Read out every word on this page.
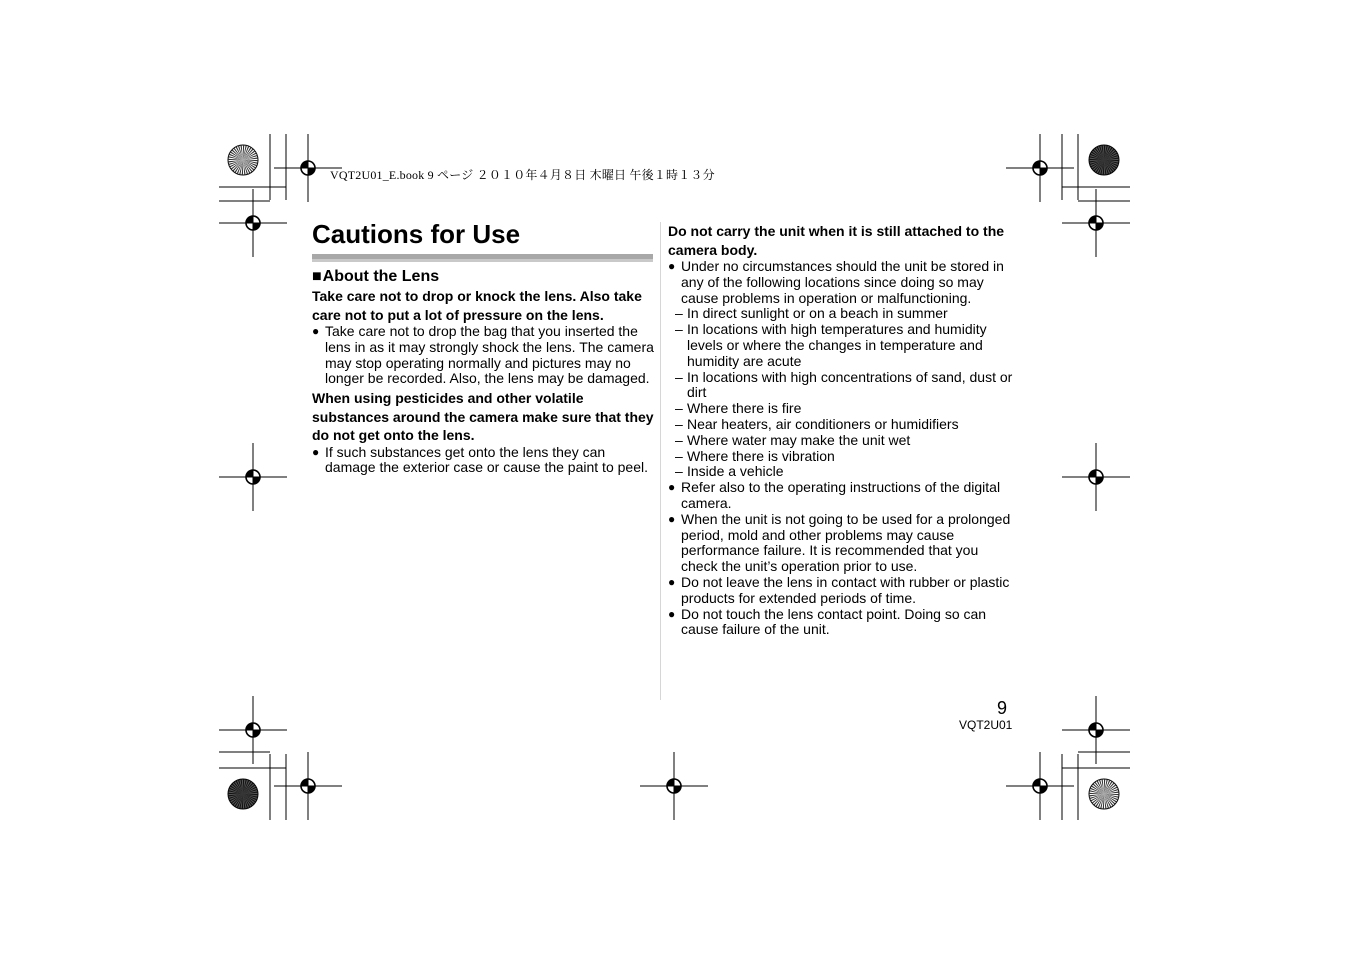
VQT2U01_E.book 9 ページ ２０１０年４月８日 木曜日 午後１時１３分
Cautions for Use
■About the Lens

Take care not to drop or knock the lens. Also take care not to put a lot of pressure on the lens.

● Take care not to drop the bag that you inserted the lens in as it may strongly shock the lens. The camera may stop operating normally and pictures may no longer be recorded. Also, the lens may be damaged.

When using pesticides and other volatile substances around the camera make sure that they do not get onto the lens.

● If such substances get onto the lens they can damage the exterior case or cause the paint to peel.

Do not carry the unit when it is still attached to the camera body.

● Under no circumstances should the unit be stored in any of the following locations since doing so may cause problems in operation or malfunctioning.
– In direct sunlight or on a beach in summer
– In locations with high temperatures and humidity levels or where the changes in temperature and humidity are acute
– In locations with high concentrations of sand, dust or dirt
– Where there is fire
– Near heaters, air conditioners or humidifiers
– Where water may make the unit wet
– Where there is vibration
– Inside a vehicle
● Refer also to the operating instructions of the digital camera.
● When the unit is not going to be used for a prolonged period, mold and other problems may cause performance failure. It is recommended that you check the unit’s operation prior to use.
● Do not leave the lens in contact with rubber or plastic products for extended periods of time.
● Do not touch the lens contact point. Doing so can cause failure of the unit.
9
VQT2U01
